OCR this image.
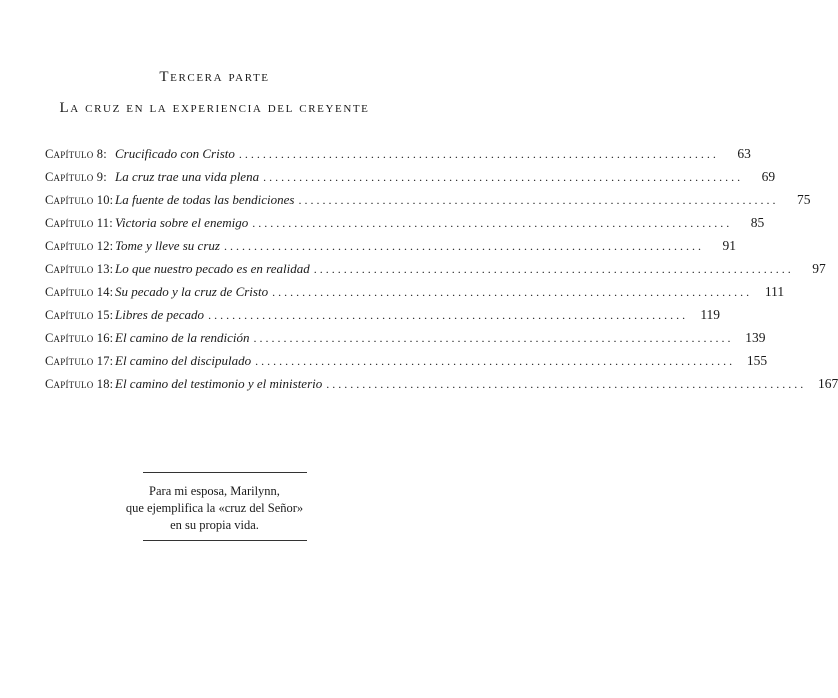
Tercera parte
La cruz en la experiencia del creyente
Capítulo 8: Crucificado con Cristo ................................................................................	63
Capítulo 9: La cruz trae una vida plena ................................................................................	69
Capítulo 10: La fuente de todas las bendiciones ................................................................................	75
Capítulo 11: Victoria sobre el enemigo ................................................................................	85
Capítulo 12: Tome y lleve su cruz ................................................................................	91
Capítulo 13: Lo que nuestro pecado es en realidad ................................................................................	97
Capítulo 14: Su pecado y la cruz de Cristo ................................................................................ 111
Capítulo 15: Libres de pecado ................................................................................ 119
Capítulo 16: El camino de la rendición ................................................................................ 139
Capítulo 17: El camino del discipulado ................................................................................ 155
Capítulo 18: El camino del testimonio y el ministerio ................................................................................ 167
Para mi esposa, Marilynn,
que ejemplifica la «cruz del Señor»
en su propia vida.
